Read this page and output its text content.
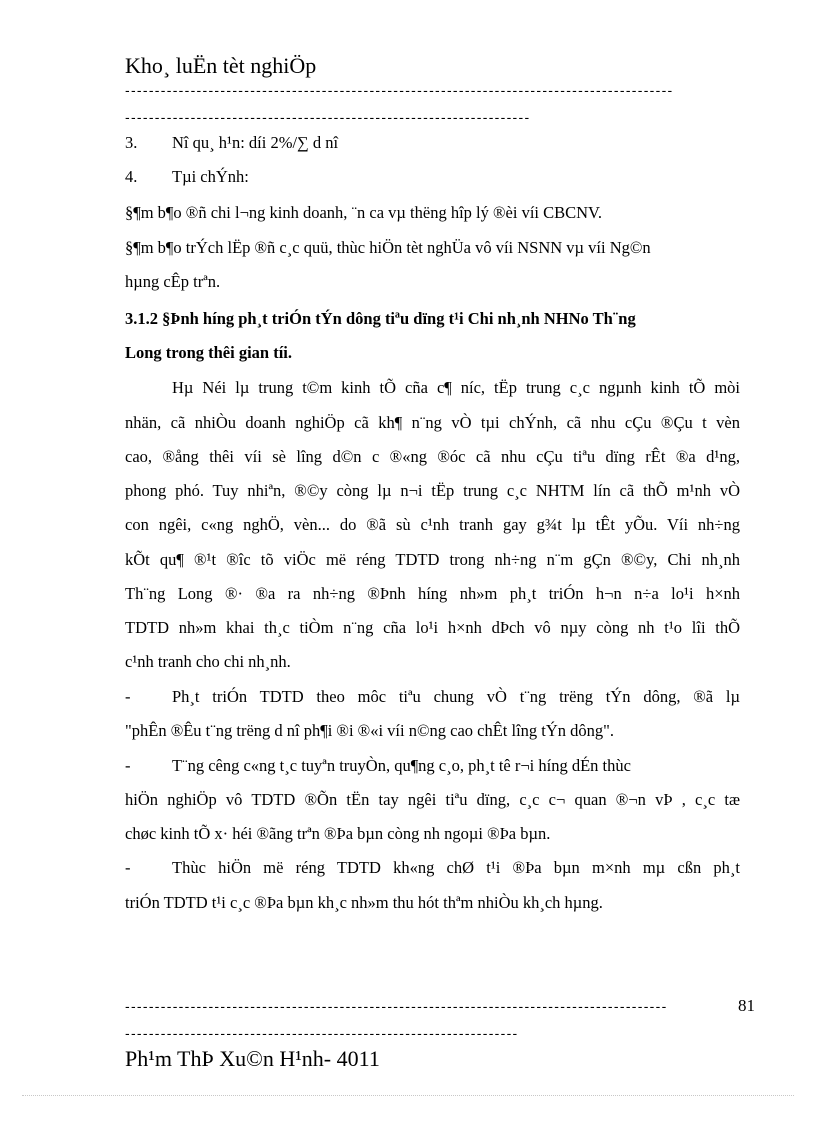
Kho¸ luËn tèt nghiÖp
--------------------------------------------------------------------------------------------
--------------------------------------------------------------------
3. Nî qu¸ h¹n: díi 2%/∑ d nî
4. Tµi chÝnh:
§¶m b¶o ®ñ chi l¬ng kinh doanh, ¨n ca vµ thëng hîp lý ®èi víi CBCNV.
§¶m b¶o trÝch lËp ®ñ c¸c quü, thùc hiÖn tèt nghÜa vô víi NSNN vµ víi Ng©n
hµng cÊp trªn.
3.1.2 §Þnh híng ph¸t triÓn tÝn dông tiªu dïng t¹i Chi nh¸nh NHNo Th¨ng
Long trong thêi gian tíi.
Hµ Néi lµ trung t©m kinh tÕ cña c¶ níc, tËp trung c¸c ngµnh kinh tÕ mòi
nhän, cã nhiÒu doanh nghiÖp cã kh¶ n¨ng vÒ tµi chÝnh, cã nhu cÇu ®Çu t vèn
cao, ®ång thêi víi sè lîng d©n c ®«ng ®óc cã nhu cÇu tiªu dïng rÊt ®a d¹ng,
phong phó. Tuy nhiªn, ®©y còng lµ n¬i tËp trung c¸c NHTM lín cã thÕ m¹nh vÒ
con ngêi, c«ng nghÖ, vèn... do ®ã sù c¹nh tranh gay g¾t lµ tÊt yÕu. Víi nh÷ng
kÕt qu¶ ®¹t ®îc tõ viÖc më réng TDTD trong nh÷ng n¨m gÇn ®©y, Chi nh¸nh
Th¨ng Long ®· ®a ra nh÷ng ®Þnh híng nh»m ph¸t triÓn h¬n n÷a lo¹i h×nh
TDTD nh»m khai th¸c tiÒm n¨ng cña lo¹i h×nh dÞch vô nµy còng nh t¹o lîi thÕ
c¹nh tranh cho chi nh¸nh.
-	Ph¸t triÓn TDTD theo môc tiªu chung vÒ t¨ng trëng tÝn dông, ®ã lµ
"phÊn ®Êu t¨ng trëng d nî ph¶i ®i ®«i víi n©ng cao chÊt lîng tÝn dông".
-	T¨ng cêng c«ng t¸c tuyªn truyÒn, qu¶ng c¸o, ph¸t tê r¬i híng dÉn thùc
hiÖn nghiÖp vô TDTD ®Õn tËn tay ngêi tiªu dïng, c¸c c¬ quan ®¬n vÞ , c¸c tæ
chøc kinh tÕ x· héi ®ãng trªn ®Þa bµn còng nh ngoµi ®Þa bµn.
-	Thùc hiÖn më réng TDTD kh«ng chØ t¹i ®Þa bµn m×nh mµ cßn ph¸t
triÓn TDTD t¹i c¸c ®Þa bµn kh¸c nh»m thu hót thªm nhiÒu kh¸ch hµng.
-------------------------------------------------------------------------------------------	81
------------------------------------------------------------------
Ph¹m ThÞ Xu©n H¹nh- 4011
